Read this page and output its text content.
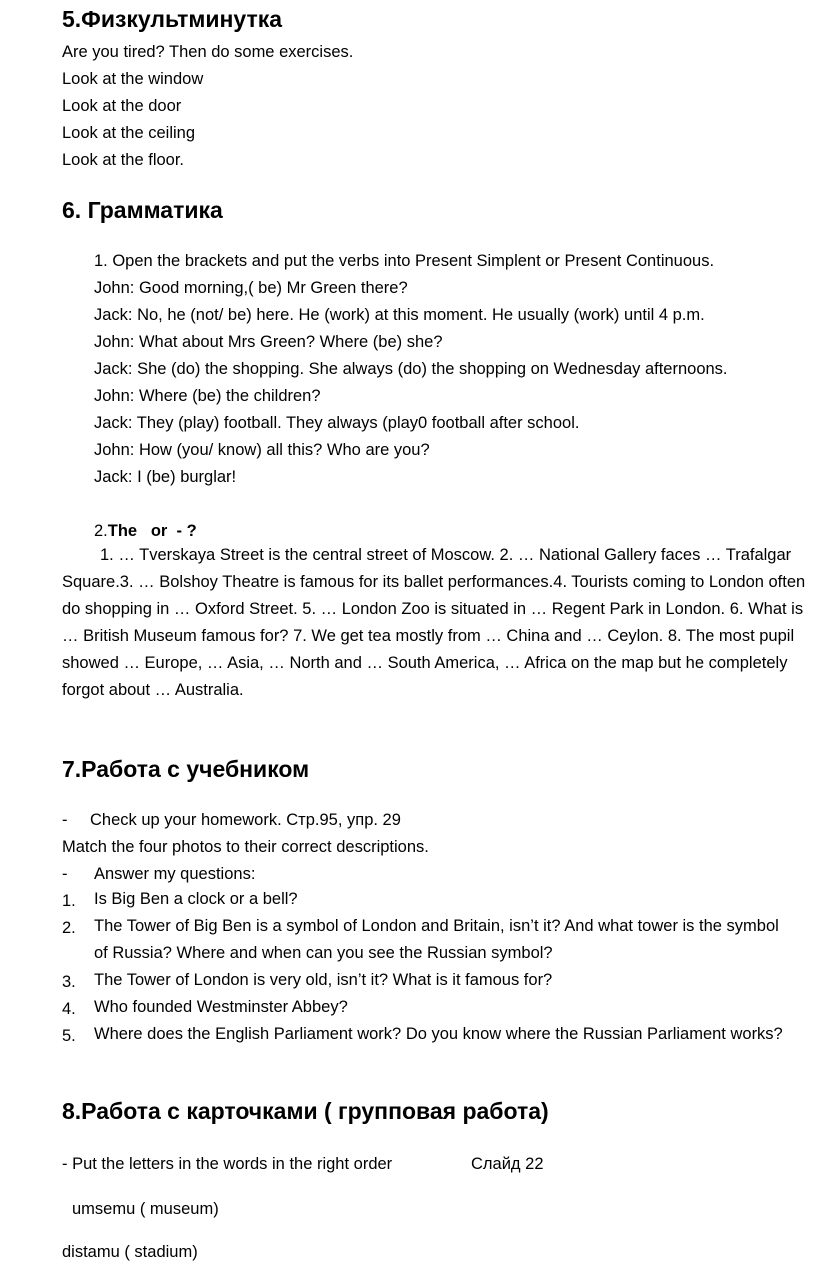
5.Физкультминутка

Are you tired? Then do some exercises.

Look at the window

Look at the door

Look at the ceiling

Look at the floor.

6. Грамматика

1. Open the brackets and put the verbs into Present Simplent or Present Continuous.

John: Good morning,( be) Mr Green there?

Jack: No, he (not/ be) here. He (work) at this moment. He usually (work) until 4 p.m.

John: What about Mrs Green? Where (be) she?

Jack: She (do) the shopping. She always (do) the shopping on Wednesday afternoons.

John: Where (be) the children?

Jack: They (play) football. They always (play0 football after school.

John: How (you/ know) all this? Who are you?

Jack: I (be) burglar!

2.The   or  - ?

1. … Tverskaya Street is the central street of Moscow. 2. … National Gallery faces … Trafalgar Square.3. … Bolshoy Theatre is famous for its ballet performances.4. Tourists coming to London often do shopping in … Oxford Street. 5. … London Zoo is situated in … Regent Park in London. 6. What is … British Museum famous for? 7. We get tea mostly from … China and … Ceylon. 8. The most pupil showed … Europe, … Asia, … North and … South America, … Africa on the map but he completely forgot about … Australia.

7.Работа с учебником

- Check up your homework. Стр.95, упр. 29

Match the four photos to their correct descriptions.

- Answer my questions:

1. Is Big Ben a clock or a bell?

2. The Tower of Big Ben is a symbol of London and Britain, isn’t it? And what tower is the symbol of Russia? Where and when can you see the Russian symbol?

3. The Tower of London is very old, isn’t it? What is it famous for?

4. Who founded Westminster Abbey?

5. Where does the English Parliament work? Do you know where the Russian Parliament works?

8.Работа с карточками ( групповая работа)

- Put the letters in the words in the right order	Слайд 22

umsemu ( museum)

distamu ( stadium)
